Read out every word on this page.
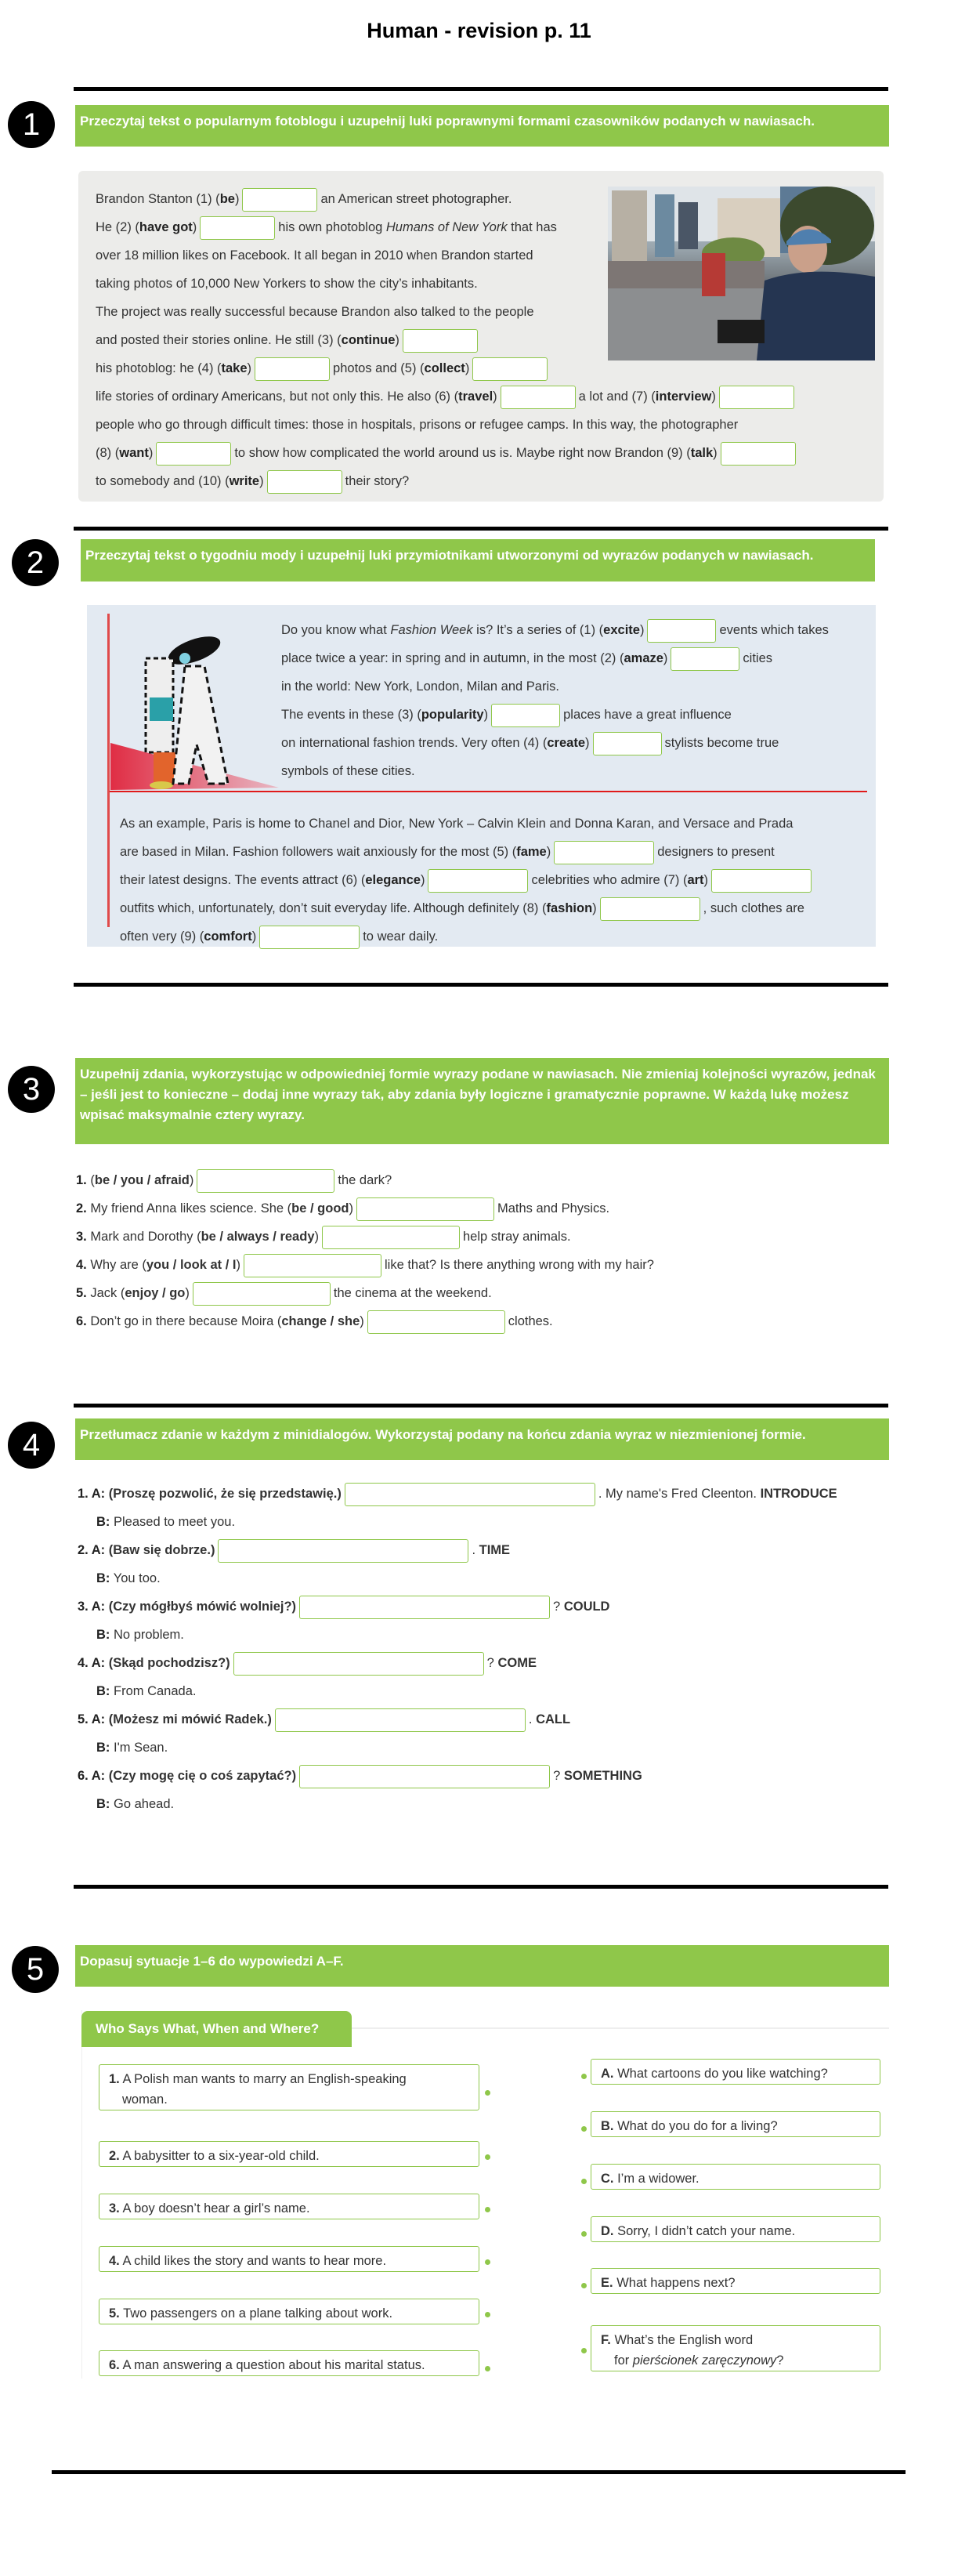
Human - revision p. 11
1	Przeczytaj tekst o popularnym fotoblogu i uzupełnij luki poprawnymi formami czasowników podanych w nawiasach.
Brandon Stanton (1) (be)	an American street photographer.
He (2) (have got)	his own photoblog Humans of New York that has
over 18 million likes on Facebook. It all began in 2010 when Brandon started
taking photos of 10,000 New Yorkers to show the city’s inhabitants.
The project was really successful because Brandon also talked to the people
and posted their stories online. He still (3) (continue)
his photoblog: he (4) (take)	photos and (5) (collect)
life stories of ordinary Americans, but not only this. He also (6) (travel)	a lot and (7) (interview)
people who go through difficult times: those in hospitals, prisons or refugee camps. In this way, the photographer
(8) (want)	to show how complicated the world around us is. Maybe right now Brandon (9) (talk)
to somebody and (10) (write)	their story?
2	Przeczytaj tekst o tygodniu mody i uzupełnij luki przymiotnikami utworzonymi od wyrazów podanych w nawiasach.
Do you know what Fashion Week is? It’s a series of (1) (excite)	events which takes
place twice a year: in spring and in autumn, in the most (2) (amaze)	cities
in the world: New York, London, Milan and Paris.
The events in these (3) (popularity)	places have a great influence
on international fashion trends. Very often (4) (create)	stylists become true
symbols of these cities.
As an example, Paris is home to Chanel and Dior, New York – Calvin Klein and Donna Karan, and Versace and Prada
are based in Milan. Fashion followers wait anxiously for the most (5) (fame)	designers to present
their latest designs. The events attract (6) (elegance)	celebrities who admire (7) (art)
outfits which, unfortunately, don’t suit everyday life. Although definitely (8) (fashion)	, such clothes are
often very (9) (comfort)	to wear daily.
3	Uzupełnij zdania, wykorzystując w odpowiedniej formie wyrazy podane w nawiasach. Nie zmieniaj kolejności wyrazów, jednak – jeśli jest to konieczne – dodaj inne wyrazy tak, aby zdania były logiczne i gramatycznie poprawne. W każdą lukę możesz wpisać maksymalnie cztery wyrazy.
1. (be / you / afraid)	the dark?
2. My friend Anna likes science. She (be / good)	Maths and Physics.
3. Mark and Dorothy (be / always / ready)	help stray animals.
4. Why are (you / look at / I)	like that? Is there anything wrong with my hair?
5. Jack (enjoy / go)	the cinema at the weekend.
6. Don’t go in there because Moira (change / she)	clothes.
4	Przetłumacz zdanie w każdym z minidialogów. Wykorzystaj podany na końcu zdania wyraz w niezmienionej formie.
1. A: (Proszę pozwolić, że się przedstawię.)	. My name's Fred Cleenton. INTRODUCE
B: Pleased to meet you.
2. A: (Baw się dobrze.)	. TIME
B: You too.
3. A: (Czy mógłbyś mówić wolniej?)	? COULD
B: No problem.
4. A: (Skąd pochodzisz?)	? COME
B: From Canada.
5. A: (Możesz mi mówić Radek.)	. CALL
B: I'm Sean.
6. A: (Czy mogę cię o coś zapytać?)	? SOMETHING
B: Go ahead.
5	Dopasuj sytuacje 1–6 do wypowiedzi A–F.
Who Says What, When and Where?
1. A Polish man wants to marry an English-speaking
woman.
2. A babysitter to a six-year-old child.
3. A boy doesn’t hear a girl’s name.
4. A child likes the story and wants to hear more.
5. Two passengers on a plane talking about work.
6. A man answering a question about his marital status.
A. What cartoons do you like watching?
B. What do you do for a living?
C. I’m a widower.
D. Sorry, I didn’t catch your name.
E. What happens next?
F. What’s the English word
for pierścionek zaręczynowy?
